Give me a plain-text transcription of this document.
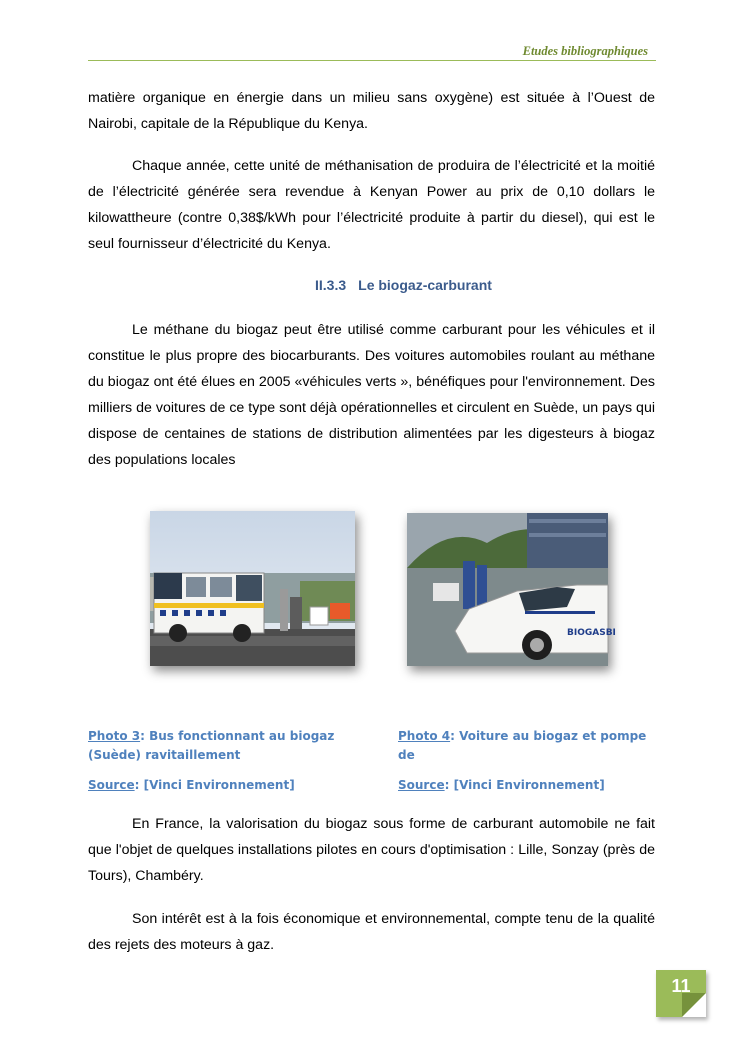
Etudes bibliographiques

matière organique en énergie dans un milieu sans oxygène) est située à l’Ouest de Nairobi, capitale de la République du Kenya.

Chaque année, cette unité de méthanisation de produira de l’électricité et la moitié de l’électricité générée sera revendue à Kenyan Power au prix de 0,10 dollars le kilowattheure (contre 0,38$/kWh pour l’électricité produite à partir du diesel), qui est le seul fournisseur d’électricité du Kenya.

II.3.3 Le biogaz-carburant

Le méthane du biogaz peut être utilisé comme carburant pour les véhicules et il constitue le plus propre des biocarburants. Des voitures automobiles roulant au méthane du biogaz ont été élues en 2005 «véhicules verts », bénéfiques pour l'environnement. Des milliers de voitures de ce type sont déjà opérationnelles et circulent en Suède, un pays qui dispose de centaines de stations de distribution alimentées par les digesteurs à biogaz des populations locales

BIOGASBI
Photo 3: Bus fonctionnant au biogaz (Suède) ravitaillement
Photo 4: Voiture au biogaz et pompe de
Source: [Vinci Environnement]	Source: [Vinci Environnement]

En France, la valorisation du biogaz sous forme de carburant automobile ne fait que l'objet de quelques installations pilotes en cours d'optimisation : Lille, Sonzay (près de Tours), Chambéry.

Son intérêt est à la fois économique et environnemental, compte tenu de la qualité des rejets des moteurs à gaz.

11
